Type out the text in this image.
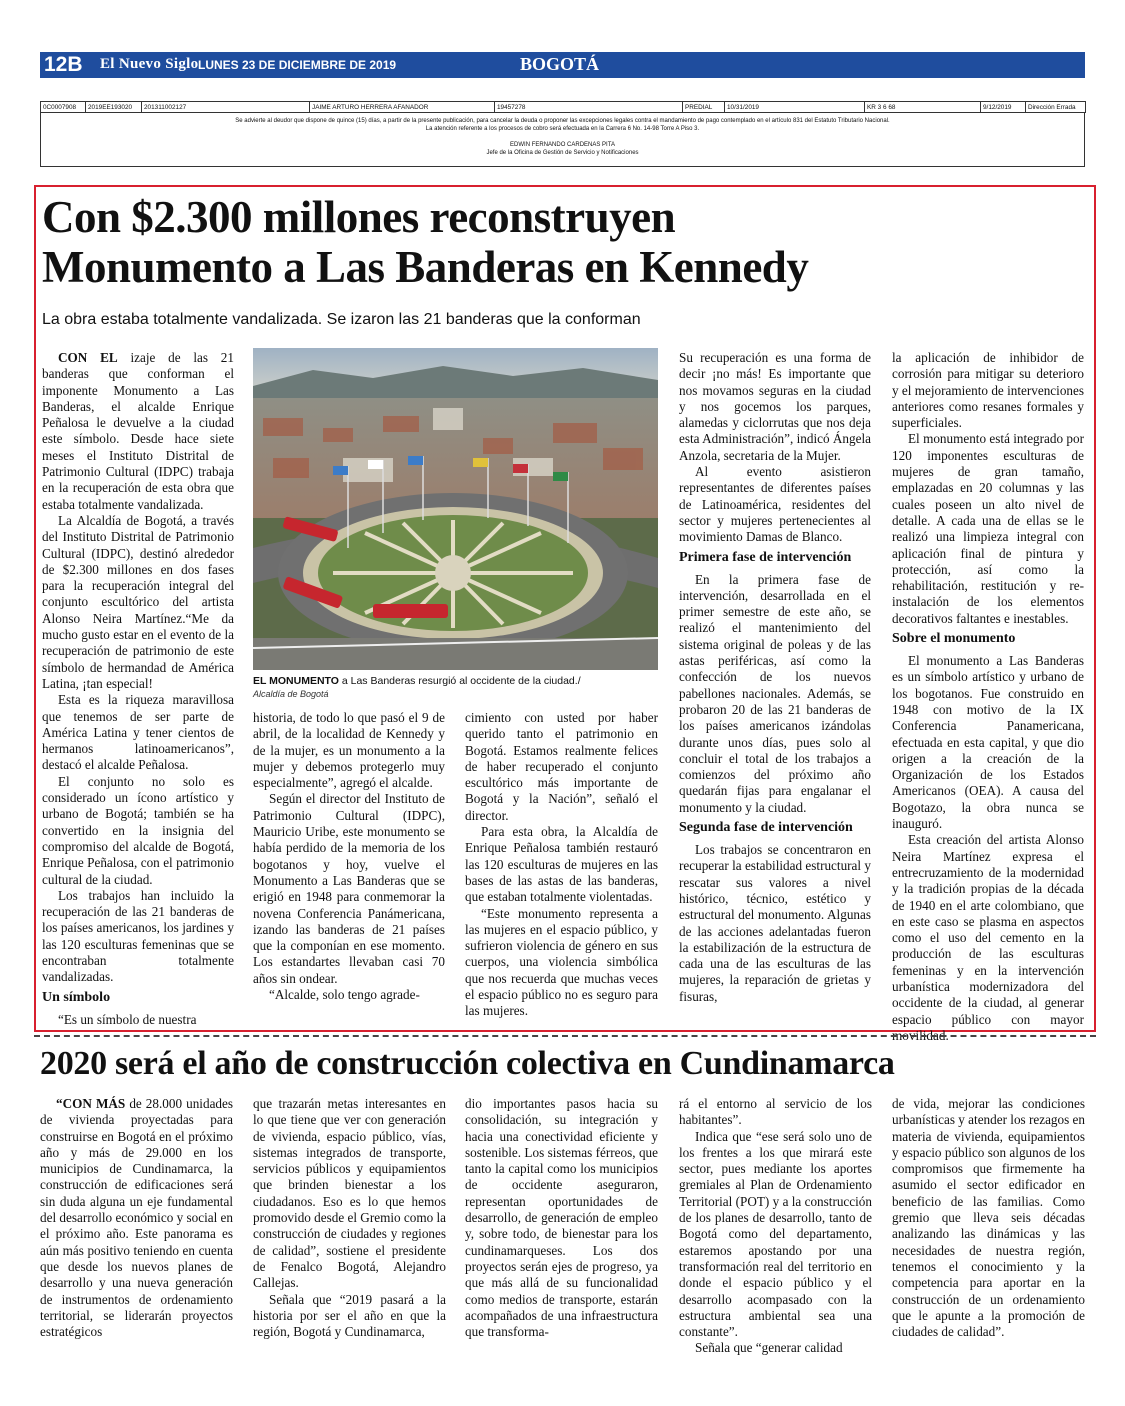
12B El Nuevo Siglo LUNES 23 DE DICIEMBRE DE 2019	BOGOTÁ
0C0007908	2019EE193020	201311002127	JAIME ARTURO HERRERA AFANADOR	19457278	PREDIAL	10/31/2019	KR 3 6 68	9/12/2019	Dirección Errada

Se advierte al deudor que dispone de quince (15) días, a partir de la presente publicación, para cancelar la deuda o proponer las excepciones legales contra el mandamiento de pago contemplado en el artículo 831 del Estatuto Tributario Nacional.

La atención referente a los procesos de cobro será efectuada en la Carrera 6 No. 14-98 Torre A Piso 3.

EDWIN FERNANDO CARDENAS PITA

Jefe de la Oficina de Gestión de Servicio y Notificaciones

Con $2.300 millones reconstruyen
Monumento a Las Banderas en Kennedy
La obra estaba totalmente vandalizada. Se izaron las 21 banderas que la conforman

CON EL izaje de las 21 banderas que conforman el imponente Monumento a Las Banderas, el alcalde Enrique Peñalosa le devuelve a la ciudad este símbolo. Desde hace siete meses el Instituto Distrital de Patrimonio Cultural (IDPC) trabaja en la recuperación de esta obra que estaba totalmente vandalizada.

La Alcaldía de Bogotá, a través del Instituto Distrital de Patrimonio Cultural (IDPC), destinó alrededor de $2.300 millones en dos fases para la recuperación integral del conjunto escultórico del artista Alonso Neira Martínez.“Me da mucho gusto estar en el evento de la recuperación de patrimonio de este símbolo de hermandad de América Latina, ¡tan especial!

Esta es la riqueza maravillosa que tenemos de ser parte de América Latina y tener cientos de hermanos latinoamericanos”, destacó el alcalde Peñalosa.

El conjunto no solo es considerado un ícono artístico y urbano de Bogotá; también se ha convertido en la insignia del compromiso del alcalde de Bogotá, Enrique Peñalosa, con el patrimonio cultural de la ciudad.

Los trabajos han incluido la recuperación de las 21 banderas de los países americanos, los jardines y las 120 esculturas femeninas que se encontraban totalmente vandalizadas.

Un símbolo

“Es un símbolo de nuestra

EL MONUMENTO a Las Banderas resurgió al occidente de la ciudad./
Alcaldía de Bogotá

historia, de todo lo que pasó el 9 de abril, de la localidad de Kennedy y de la mujer, es un monumento a la mujer y debemos protegerlo muy especialmente”, agregó el alcalde.

Según el director del Instituto de Patrimonio Cultural (IDPC), Mauricio Uribe, este monumento se había perdido de la memoria de los bogotanos y hoy, vuelve el Monumento a Las Banderas que se erigió en 1948 para conmemorar la novena Conferencia Panámericana, izando las banderas de 21 países que la componían en ese momento. Los estandartes llevaban casi 70 años sin ondear.

“Alcalde, solo tengo agrade-

cimiento con usted por haber querido tanto el patrimonio en Bogotá. Estamos realmente felices de haber recuperado el conjunto escultórico más importante de Bogotá y la Nación”, señaló el director.

Para esta obra, la Alcaldía de Enrique Peñalosa también restauró las 120 esculturas de mujeres en las bases de las astas de las banderas, que estaban totalmente violentadas.

“Este monumento representa a las mujeres en el espacio público, y sufrieron violencia de género en sus cuerpos, una violencia simbólica que nos recuerda que muchas veces el espacio público no es seguro para las mujeres.

Su recuperación es una forma de decir ¡no más! Es importante que nos movamos seguras en la ciudad y nos gocemos los parques, alamedas y ciclorrutas que nos deja esta Administración”, indicó Ángela Anzola, secretaria de la Mujer.

Al evento asistieron representantes de diferentes países de Latinoamérica, residentes del sector y mujeres pertenecientes al movimiento Damas de Blanco.

Primera fase de intervención

En la primera fase de intervención, desarrollada en el primer semestre de este año, se realizó el mantenimiento del sistema original de poleas y de las astas periféricas, así como la confección de los nuevos pabellones nacionales. Además, se probaron 20 de las 21 banderas de los países americanos izándolas durante unos días, pues solo al concluir el total de los trabajos a comienzos del próximo año quedarán fijas para engalanar el monumento y la ciudad.

Segunda fase de intervención

Los trabajos se concentraron en recuperar la estabilidad estructural y rescatar sus valores a nivel histórico, técnico, estético y estructural del monumento. Algunas de las acciones adelantadas fueron la estabilización de la estructura de cada una de las esculturas de las mujeres, la reparación de grietas y fisuras,

la aplicación de inhibidor de corrosión para mitigar su deterioro y el mejoramiento de intervenciones anteriores como resanes formales y superficiales.

El monumento está integrado por 120 imponentes esculturas de mujeres de gran tamaño, emplazadas en 20 columnas y las cuales poseen un alto nivel de detalle. A cada una de ellas se le realizó una limpieza integral con aplicación final de pintura y protección, así como la rehabilitación, restitución y re-instalación de los elementos decorativos faltantes e inestables.

Sobre el monumento

El monumento a Las Banderas es un símbolo artístico y urbano de los bogotanos. Fue construido en 1948 con motivo de la IX Conferencia Panamericana, efectuada en esta capital, y que dio origen a la creación de la Organización de los Estados Americanos (OEA). A causa del Bogotazo, la obra nunca se inauguró.

Esta creación del artista Alonso Neira Martínez expresa el entrecruzamiento de la modernidad y la tradición propias de la década de 1940 en el arte colombiano, que en este caso se plasma en aspectos como el uso del cemento en la producción de las esculturas femeninas y en la intervención urbanística modernizadora del occidente de la ciudad, al generar espacio público con mayor movilidad.

2020 será el año de construcción colectiva en Cundinamarca

“CON MÁS de 28.000 unidades de vivienda proyectadas para construirse en Bogotá en el próximo año y más de 29.000 en los municipios de Cundinamarca, la construcción de edificaciones será sin duda alguna un eje fundamental del desarrollo económico y social en el próximo año. Este panorama es aún más positivo teniendo en cuenta que desde los nuevos planes de desarrollo y una nueva generación de instrumentos de ordenamiento territorial, se liderarán proyectos estratégicos

que trazarán metas interesantes en lo que tiene que ver con generación de vivienda, espacio público, vías, sistemas integrados de transporte, servicios públicos y equipamientos que brinden bienestar a los ciudadanos. Eso es lo que hemos promovido desde el Gremio como la construcción de ciudades y regiones de calidad”, sostiene el presidente de Fenalco Bogotá, Alejandro Callejas.

Señala que “2019 pasará a la historia por ser el año en que la región, Bogotá y Cundinamarca,

dio importantes pasos hacia su consolidación, su integración y hacia una conectividad eficiente y sostenible. Los sistemas férreos, que tanto la capital como los municipios de occidente aseguraron, representan oportunidades de desarrollo, de generación de empleo y, sobre todo, de bienestar para los cundinamarqueses. Los dos proyectos serán ejes de progreso, ya que más allá de su funcionalidad como medios de transporte, estarán acompañados de una infraestructura que transforma-

rá el entorno al servicio de los habitantes”.

Indica que “ese será solo uno de los frentes a los que mirará este sector, pues mediante los aportes gremiales al Plan de Ordenamiento Territorial (POT) y a la construcción de los planes de desarrollo, tanto de Bogotá como del departamento, estaremos apostando por una transformación real del territorio en donde el espacio público y el desarrollo acompasado con la estructura ambiental sea una constante”.

Señala que “generar calidad

de vida, mejorar las condiciones urbanísticas y atender los rezagos en materia de vivienda, equipamientos y espacio público son algunos de los compromisos que firmemente ha asumido el sector edificador en beneficio de las familias. Como gremio que lleva seis décadas analizando las dinámicas y las necesidades de nuestra región, tenemos el conocimiento y la competencia para aportar en la construcción de un ordenamiento que le apunte a la promoción de ciudades de calidad”.
